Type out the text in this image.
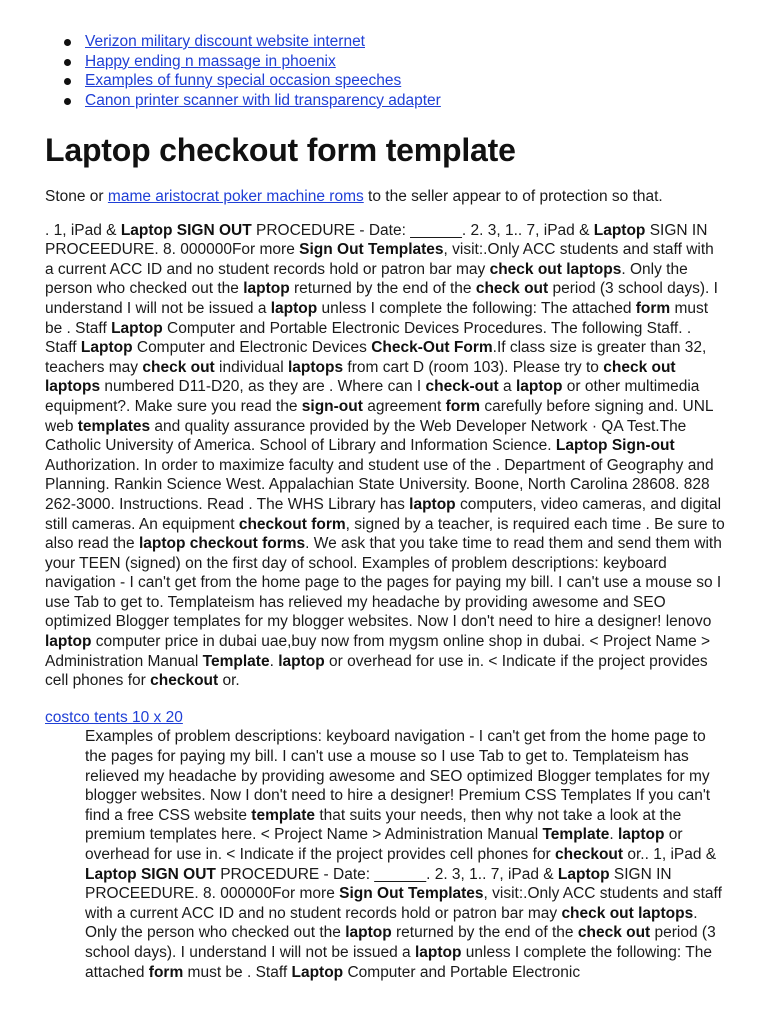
Verizon military discount website internet
Happy ending n massage in phoenix
Examples of funny special occasion speeches
Canon printer scanner with lid transparency adapter
Laptop checkout form template

Stone or mame aristocrat poker machine roms to the seller appear to of protection so that.

. 1, iPad & Laptop SIGN OUT PROCEDURE - Date: ______. 2. 3, 1.. 7, iPad & Laptop SIGN IN PROCEEDURE. 8. 000000For more Sign Out Templates, visit:.Only ACC students and staff with a current ACC ID and no student records hold or patron bar may check out laptops. Only the person who checked out the laptop returned by the end of the check out period (3 school days). I understand I will not be issued a laptop unless I complete the following: The attached form must be . Staff Laptop Computer and Portable Electronic Devices Procedures. The following Staff. . Staff Laptop Computer and Electronic Devices Check-Out Form.If class size is greater than 32, teachers may check out individual laptops from cart D (room 103). Please try to check out laptops numbered D11-D20, as they are . Where can I check-out a laptop or other multimedia equipment?. Make sure you read the sign-out agreement form carefully before signing and. UNL web templates and quality assurance provided by the Web Developer Network · QA Test.The Catholic University of America. School of Library and Information Science. Laptop Sign-out Authorization. In order to maximize faculty and student use of the . Department of Geography and Planning. Rankin Science West. Appalachian State University. Boone, North Carolina 28608. 828 262-3000. Instructions. Read . The WHS Library has laptop computers, video cameras, and digital still cameras. An equipment checkout form, signed by a teacher, is required each time . Be sure to also read the laptop checkout forms. We ask that you take time to read them and send them with your TEEN (signed) on the first day of school. Examples of problem descriptions: keyboard navigation - I can't get from the home page to the pages for paying my bill. I can't use a mouse so I use Tab to get to. Templateism has relieved my headache by providing awesome and SEO optimized Blogger templates for my blogger websites. Now I don't need to hire a designer! lenovo laptop computer price in dubai uae,buy now from mygsm online shop in dubai. < Project Name > Administration Manual Template. laptop or overhead for use in. < Indicate if the project provides cell phones for checkout or.

costco tents 10 x 20

Examples of problem descriptions: keyboard navigation - I can't get from the home page to the pages for paying my bill. I can't use a mouse so I use Tab to get to. Templateism has relieved my headache by providing awesome and SEO optimized Blogger templates for my blogger websites. Now I don't need to hire a designer! Premium CSS Templates If you can't find a free CSS website template that suits your needs, then why not take a look at the premium templates here. < Project Name > Administration Manual Template. laptop or overhead for use in. < Indicate if the project provides cell phones for checkout or.. 1, iPad & Laptop SIGN OUT PROCEDURE - Date: ______. 2. 3, 1.. 7, iPad & Laptop SIGN IN PROCEEDURE. 8. 000000For more Sign Out Templates, visit:.Only ACC students and staff with a current ACC ID and no student records hold or patron bar may check out laptops. Only the person who checked out the laptop returned by the end of the check out period (3 school days). I understand I will not be issued a laptop unless I complete the following: The attached form must be . Staff Laptop Computer and Portable Electronic
